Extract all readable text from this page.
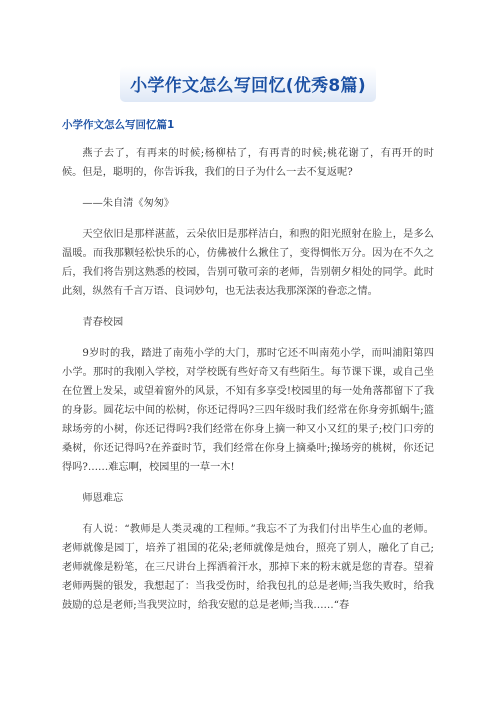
小学作文怎么写回忆(优秀8篇)
小学作文怎么写回忆篇1

燕子去了，有再来的时候;杨柳枯了，有再青的时候;桃花谢了，有再开的时候。但是，聪明的，你告诉我，我们的日子为什么一去不复返呢?

——朱自清《匆匆》

天空依旧是那样湛蓝，云朵依旧是那样洁白，和煦的阳光照射在脸上，是多么温暖。而我那颗轻松快乐的心，仿佛被什么揪住了，变得惆怅万分。因为在不久之后，我们将告别这熟悉的校园，告别可敬可亲的老师，告别朝夕相处的同学。此时此刻，纵然有千言万语、良词妙句，也无法表达我那深深的眷恋之情。

青春校园

9岁时的我，踏进了南苑小学的大门，那时它还不叫南苑小学，而叫浦阳第四小学。那时的我刚入学校，对学校既有些好奇又有些陌生。每节课下课，或自己坐在位置上发呆，或望着窗外的风景，不知有多享受!校园里的每一处角落都留下了我的身影。圆花坛中间的松树，你还记得吗?三四年级时我们经常在你身旁抓蜗牛;篮球场旁的小树，你还记得吗?我们经常在你身上摘一种又小又红的果子;校门口旁的桑树，你还记得吗?在养蚕时节，我们经常在你身上摘桑叶;操场旁的桃树，你还记得吗?……难忘啊，校园里的一草一木!

师恩难忘

有人说：“教师是人类灵魂的工程师。”我忘不了为我们付出毕生心血的老师。老师就像是园丁，培养了祖国的花朵;老师就像是烛台，照亮了别人，融化了自己;老师就像是粉笔，在三尺讲台上挥洒着汗水，那掉下来的粉末就是您的青春。望着老师两鬓的银发，我想起了：当我受伤时，给我包扎的总是老师;当我失败时，给我鼓励的总是老师;当我哭泣时，给我安慰的总是老师;当我……“春
